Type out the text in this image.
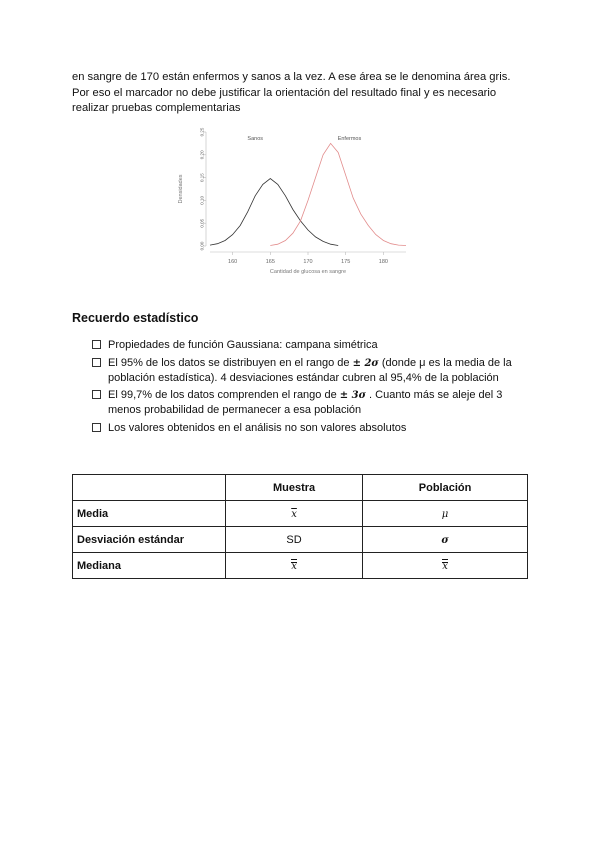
en sangre de 170 están enfermos y sanos a la vez. A ese área se le denomina área gris.

Por eso el marcador no debe justificar la orientación del resultado final y es necesario

realizar pruebas complementarias

160	165	170	175	180
0.00
0.05
0.10
0.15
0.20
0.25
Cantidad de glucosa en sangre
Densidades
Sanos	Enfermos
Recuerdo estadístico
Propiedades de función Gaussiana: campana simétrica
El 95% de los datos se distribuyen en el rango de ± 2σ (donde μ es la media de la población estadística). 4 desviaciones estándar cubren al 95,4% de la población
El 99,7% de los datos comprenden el rango de ± 3σ . Cuanto más se aleje del 3 menos probabilidad de permanecer a esa población
Los valores obtenidos en el análisis no son valores absolutos
	Muestra	Población
Media	$\overline{x}$	μ
Desviación estándar	SD	σ
Mediana	x	x
